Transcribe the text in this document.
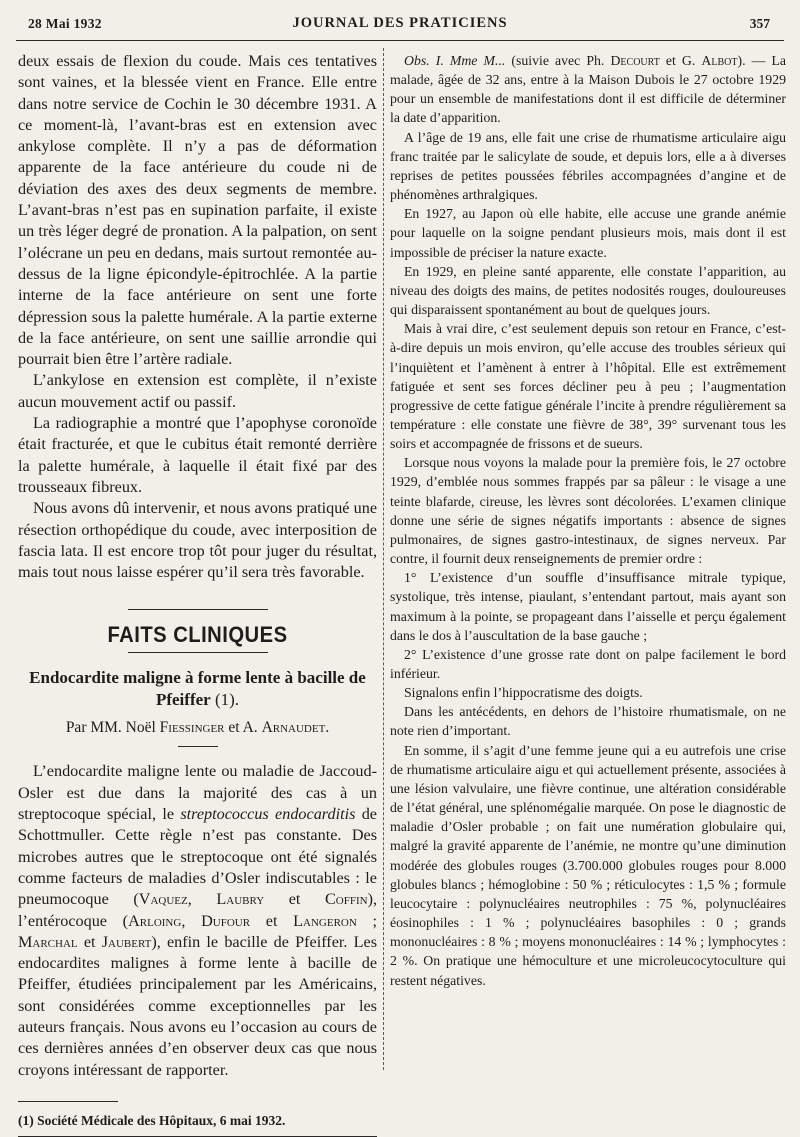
28 Mai 1932	JOURNAL DES PRATICIENS	357

deux essais de flexion du coude. Mais ces tentatives sont vaines, et la blessée vient en France. Elle entre dans notre service de Cochin le 30 décembre 1931. A ce moment-là, l’avant-bras est en extension avec ankylose complète. Il n’y a pas de déformation apparente de la face antérieure du coude ni de déviation des axes des deux segments de membre. L’avant-bras n’est pas en supination parfaite, il existe un très léger degré de pronation. A la palpation, on sent l’olécrane un peu en dedans, mais surtout remontée au-dessus de la ligne épicondyle-épitrochlée. A la partie interne de la face antérieure on sent une forte dépression sous la palette humérale. A la partie externe de la face antérieure, on sent une saillie arrondie qui pourrait bien être l’artère radiale.

L’ankylose en extension est complète, il n’existe aucun mouvement actif ou passif.

La radiographie a montré que l’apophyse coronoïde était fracturée, et que le cubitus était remonté derrière la palette humérale, à laquelle il était fixé par des trousseaux fibreux.

Nous avons dû intervenir, et nous avons pratiqué une résection orthopédique du coude, avec interposition de fascia lata. Il est encore trop tôt pour juger du résultat, mais tout nous laisse espérer qu’il sera très favorable.

FAITS CLINIQUES
Endocardite maligne à forme lente à bacille de Pfeiffer (1).
Par MM. Noël Fiessinger et A. Arnaudet.

L’endocardite maligne lente ou maladie de Jaccoud-Osler est due dans la majorité des cas à un streptocoque spécial, le streptococcus endocarditis de Schottmuller. Cette règle n’est pas constante. Des microbes autres que le streptocoque ont été signalés comme facteurs de maladies d’Osler indiscutables : le pneumocoque (Vaquez, Laubry et Coffin), l’entérocoque (Arloing, Dufour et Langeron ; Marchal et Jaubert), enfin le bacille de Pfeiffer. Les endocardites malignes à forme lente à bacille de Pfeiffer, étudiées principalement par les Américains, sont considérées comme exceptionnelles par les auteurs français. Nous avons eu l’occasion au cours de ces dernières années d’en observer deux cas que nous croyons intéressant de rapporter.

(1) Société Médicale des Hôpitaux, 6 mai 1932.

Obs. I. Mme M... (suivie avec Ph. Decourt et G. Albot). — La malade, âgée de 32 ans, entre à la Maison Dubois le 27 octobre 1929 pour un ensemble de manifestations dont il est difficile de déterminer la date d’apparition.

A l’âge de 19 ans, elle fait une crise de rhumatisme articulaire aigu franc traitée par le salicylate de soude, et depuis lors, elle a à diverses reprises de petites poussées fébriles accompagnées d’angine et de phénomènes arthralgiques.

En 1927, au Japon où elle habite, elle accuse une grande anémie pour laquelle on la soigne pendant plusieurs mois, mais dont il est impossible de préciser la nature exacte.

En 1929, en pleine santé apparente, elle constate l’apparition, au niveau des doigts des mains, de petites nodosités rouges, douloureuses qui disparaissent spontanément au bout de quelques jours.

Mais à vrai dire, c’est seulement depuis son retour en France, c’est-à-dire depuis un mois environ, qu’elle accuse des troubles sérieux qui l’inquiètent et l’amènent à entrer à l’hôpital. Elle est extrêmement fatiguée et sent ses forces décliner peu à peu ; l’augmentation progressive de cette fatigue générale l’incite à prendre régulièrement sa température : elle constate une fièvre de 38°, 39° survenant tous les soirs et accompagnée de frissons et de sueurs.

Lorsque nous voyons la malade pour la première fois, le 27 octobre 1929, d’emblée nous sommes frappés par sa pâleur : le visage a une teinte blafarde, cireuse, les lèvres sont décolorées. L’examen clinique donne une série de signes négatifs importants : absence de signes pulmonaires, de signes gastro-intestinaux, de signes nerveux. Par contre, il fournit deux renseignements de premier ordre :

1° L’existence d’un souffle d’insuffisance mitrale typique, systolique, très intense, piaulant, s’entendant partout, mais ayant son maximum à la pointe, se propageant dans l’aisselle et perçu également dans le dos à l’auscultation de la base gauche ;

2° L’existence d’une grosse rate dont on palpe facilement le bord inférieur.

Signalons enfin l’hippocratisme des doigts.

Dans les antécédents, en dehors de l’histoire rhumatismale, on ne note rien d’important.

En somme, il s’agit d’une femme jeune qui a eu autrefois une crise de rhumatisme articulaire aigu et qui actuellement présente, associées à une lésion valvulaire, une fièvre continue, une altération considérable de l’état général, une splénomégalie marquée. On pose le diagnostic de maladie d’Osler probable ; on fait une numération globulaire qui, malgré la gravité apparente de l’anémie, ne montre qu’une diminution modérée des globules rouges (3.700.000 globules rouges pour 8.000 globules blancs ; hémoglobine : 50 % ; réticulocytes : 1,5 % ; formule leucocytaire : polynucléaires neutrophiles : 75 %, polynucléaires éosinophiles : 1 % ; polynucléaires basophiles : 0 ; grands mononucléaires : 8 % ; moyens mononucléaires : 14 % ; lymphocytes : 2 %. On pratique une hémoculture et une microleucocytoculture qui restent négatives.
